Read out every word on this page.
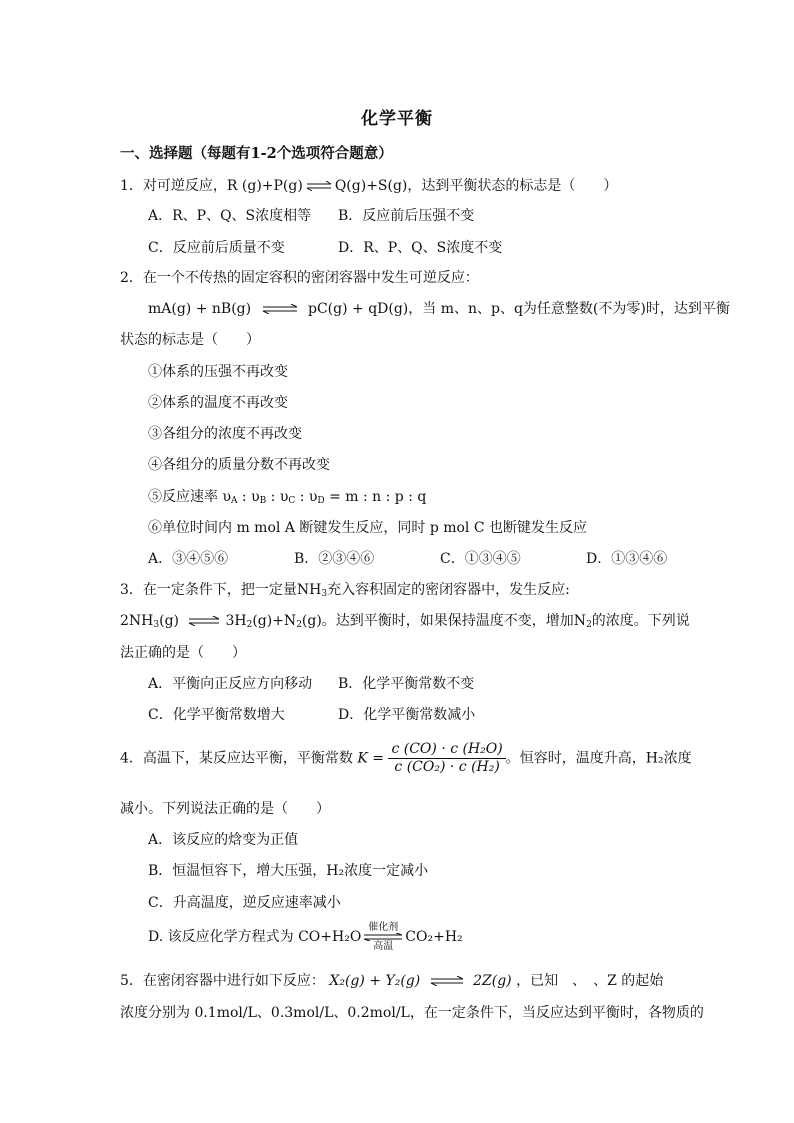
化学平衡
一、选择题（每题有1-2个选项符合题意）
1．对可逆反应，R (g)+P(g) ⇌ Q(g)+S(g)，达到平衡状态的标志是（　　）
A．R、P、Q、S浓度相等 B．反应前后压强不变
C．反应前后质量不变	D．R、P、Q、S浓度不变
2．在一个不传热的固定容积的密闭容器中发生可逆反应：
mA(g) + nB(g) ⇌ pC(g) + qD(g)，当 m、n、p、q为任意整数(不为零)时，达到平衡
状态的标志是（　　）
①体系的压强不再改变
②体系的温度不再改变
③各组分的浓度不再改变
④各组分的质量分数不再改变
⑤反应速率 $\upsilon_A$ : $\upsilon_B$ : $\upsilon_C$ : $\upsilon_D = m$ : n : p : q
⑥单位时间内 m mol A 断键发生反应，同时 p mol C 也断键发生反应
A．③④⑤⑥	B．②③④⑥	C．①③④⑤	D．①③④⑥
3．在一定条件下，把一定量$NH_3$充入容积固定的密闭容器中，发生反应:
$2NH_3(g)$ ⇌ $3H_2(g)+N_2(g)$。达到平衡时，如果保持温度不变，增加$N_2$的浓度。下列说
法正确的是（　　）
A．平衡向正反应方向移动 B．化学平衡常数不变
C．化学平衡常数增大	D．化学平衡常数减小
4．高温下，某反应达平衡，平衡常数 $K = \frac{\text{c (CO) · c (H₂O)}}{\text{c (CO₂) · c (H₂)}}$ 。恒容时，温度升高，H₂浓度
减小。下列说法正确的是（　　）
A．该反应的焓变为正值
B．恒温恒容下，增大压强，H₂浓度一定减小
C．升高温度，逆反应速率减小
D. 该反应化学方程式为 CO+H₂O
催化剂
高温
CO₂+H₂
5．在密闭容器中进行如下反应： X₂(g) + Y₂(g) ⇌ 2Z(g) ，已知　、　、Z 的起始
浓度分别为 0.1mol/L、0.3mol/L、0.2mol/L，在一定条件下，当反应达到平衡时，各物质的
